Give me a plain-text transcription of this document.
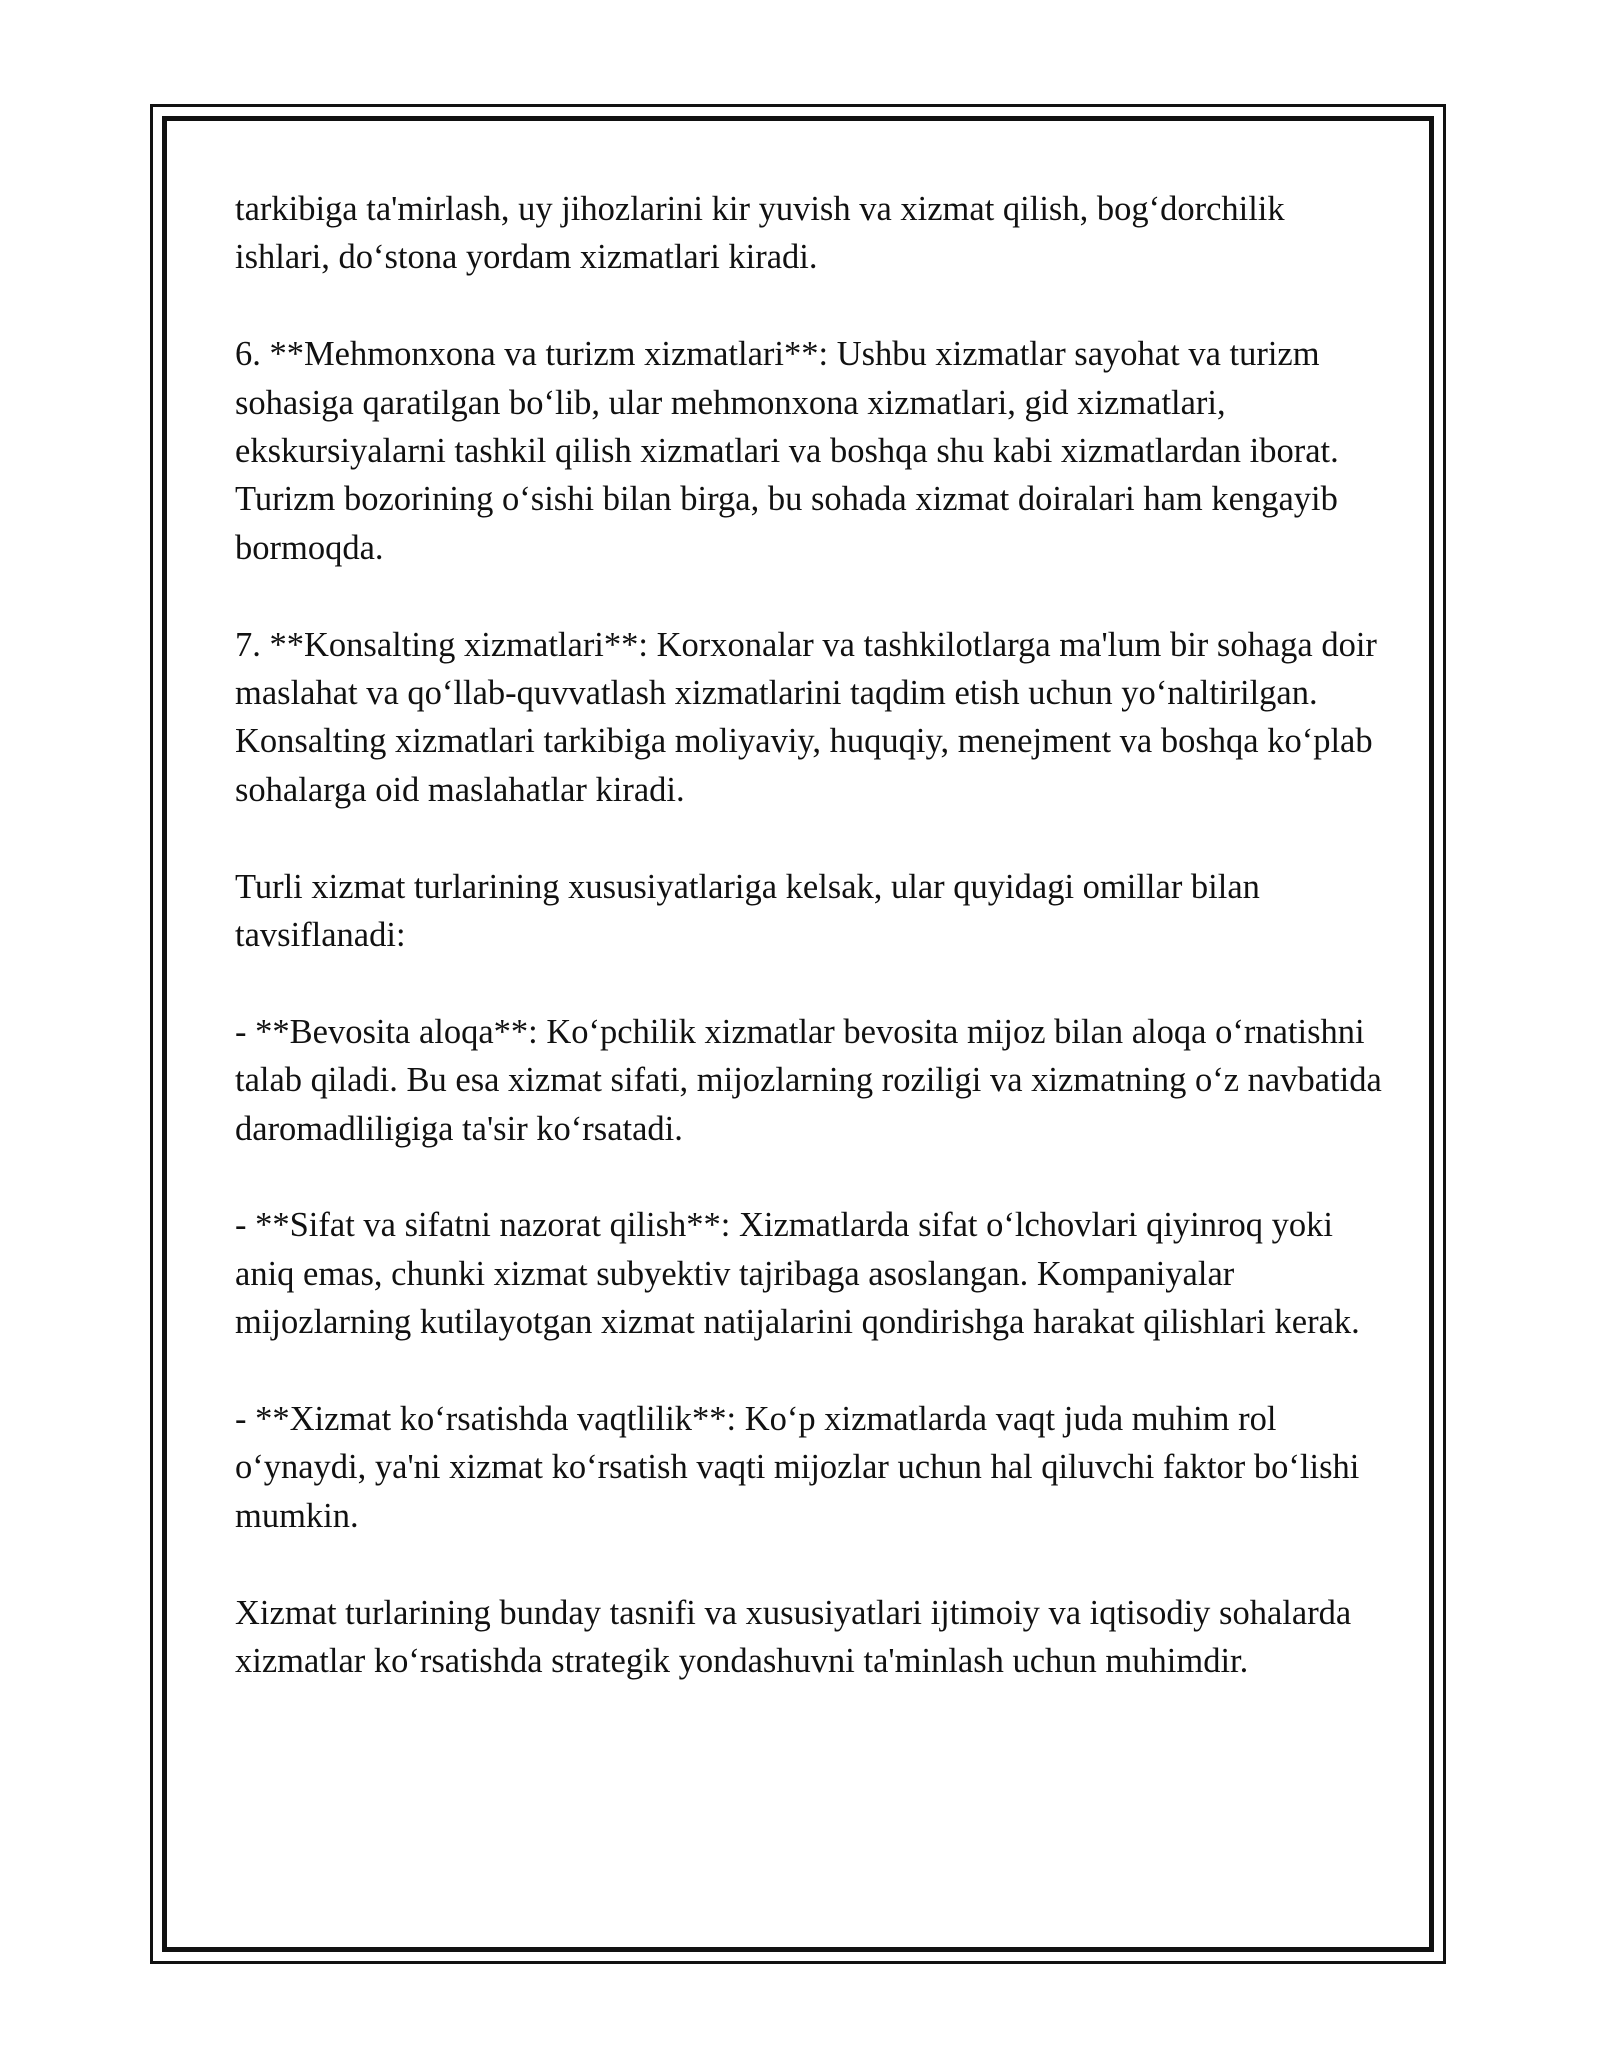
tarkibiga ta'mirlash, uy jihozlarini kir yuvish va xizmat qilish, bogʻdorchilik ishlari, doʻstona yordam xizmatlari kiradi.

6. **Mehmonxona va turizm xizmatlari**: Ushbu xizmatlar sayohat va turizm sohasiga qaratilgan boʻlib, ular mehmonxona xizmatlari, gid xizmatlari, ekskursiyalarni tashkil qilish xizmatlari va boshqa shu kabi xizmatlardan iborat. Turizm bozorining oʻsishi bilan birga, bu sohada xizmat doiralari ham kengayib bormoqda.

7. **Konsalting xizmatlari**: Korxonalar va tashkilotlarga ma'lum bir sohaga doir maslahat va qoʻllab-quvvatlash xizmatlarini taqdim etish uchun yoʻnaltirilgan. Konsalting xizmatlari tarkibiga moliyaviy, huquqiy, menejment va boshqa koʻplab sohalarga oid maslahatlar kiradi.

Turli xizmat turlarining xususiyatlariga kelsak, ular quyidagi omillar bilan tavsiflanadi:

- **Bevosita aloqa**: Koʻpchilik xizmatlar bevosita mijoz bilan aloqa oʻrnatishni talab qiladi. Bu esa xizmat sifati, mijozlarning roziligi va xizmatning oʻz navbatida daromadliligiga ta'sir koʻrsatadi.

- **Sifat va sifatni nazorat qilish**: Xizmatlarda sifat oʻlchovlari qiyinroq yoki aniq emas, chunki xizmat subyektiv tajribaga asoslangan. Kompaniyalar mijozlarning kutilayotgan xizmat natijalarini qondirishga harakat qilishlari kerak.

- **Xizmat koʻrsatishda vaqtlilik**: Koʻp xizmatlarda vaqt juda muhim rol oʻynaydi, ya'ni xizmat koʻrsatish vaqti mijozlar uchun hal qiluvchi faktor boʻlishi mumkin.

Xizmat turlarining bunday tasnifi va xususiyatlari ijtimoiy va iqtisodiy sohalarda xizmatlar koʻrsatishda strategik yondashuvni ta'minlash uchun muhimdir.
